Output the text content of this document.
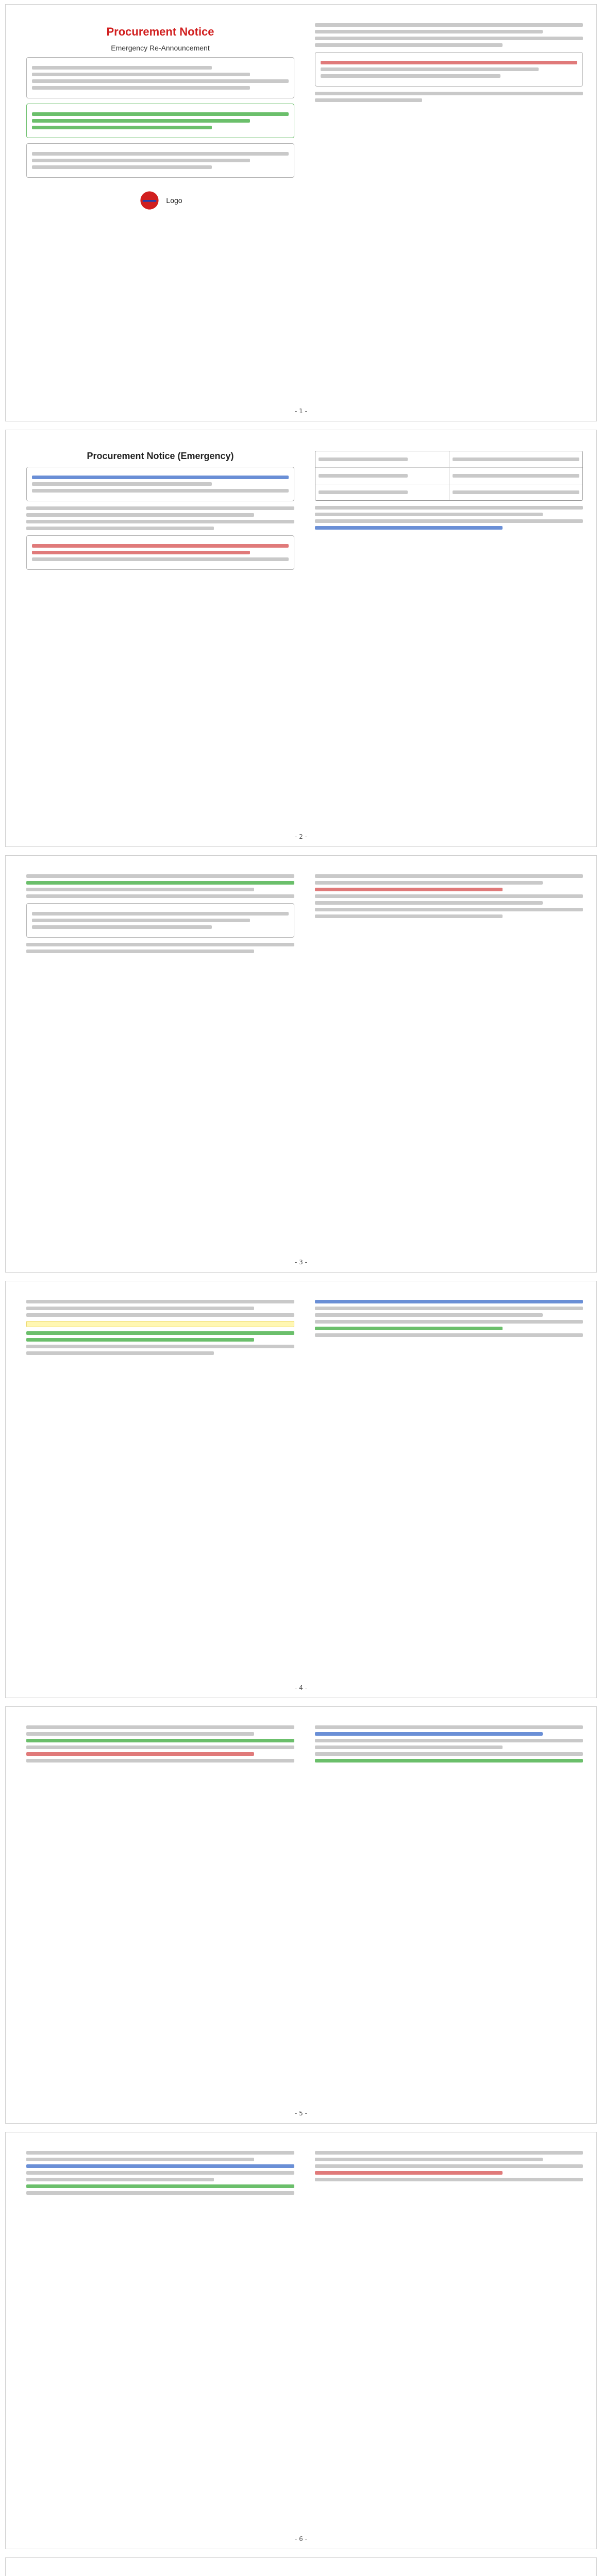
Procurement Notice
Emergency Re-Announcement
Logo
- 1 -
Procurement Notice (Emergency)
- 2 -
- 3 -
- 4 -
- 5 -
- 6 -
